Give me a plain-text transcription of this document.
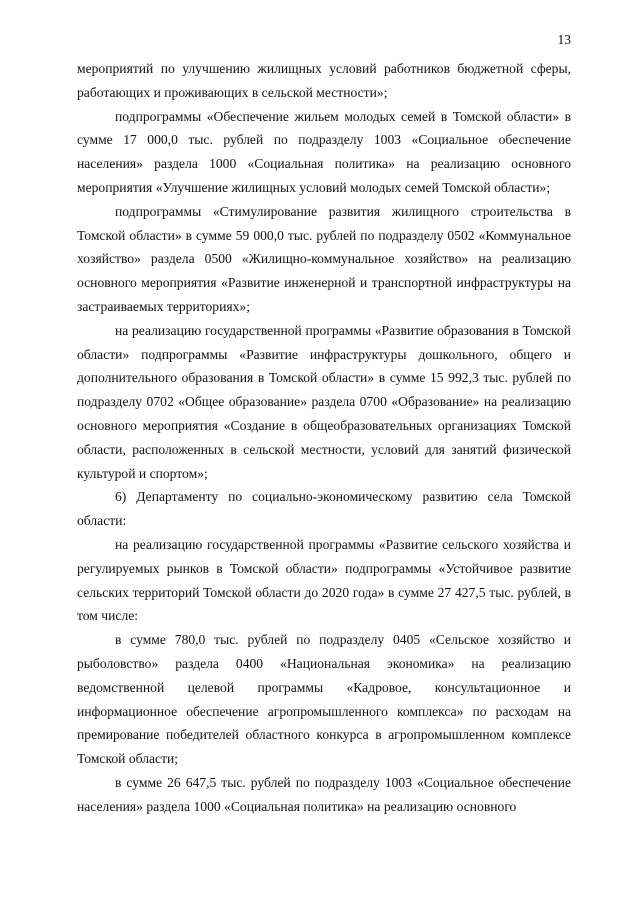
13

мероприятий по улучшению жилищных условий работников бюджетной сферы, работающих и проживающих в сельской местности»;

подпрограммы «Обеспечение жильем молодых семей в Томской области» в сумме 17 000,0 тыс. рублей по подразделу 1003 «Социальное обеспечение населения» раздела 1000 «Социальная политика» на реализацию основного мероприятия «Улучшение жилищных условий молодых семей Томской области»;

подпрограммы «Стимулирование развития жилищного строительства в Томской области» в сумме 59 000,0 тыс. рублей по подразделу 0502 «Коммунальное хозяйство» раздела 0500 «Жилищно-коммунальное хозяйство» на реализацию основного мероприятия «Развитие инженерной и транспортной инфраструктуры на застраиваемых территориях»;

на реализацию государственной программы «Развитие образования в Томской области» подпрограммы «Развитие инфраструктуры дошкольного, общего и дополнительного образования в Томской области» в сумме 15 992,3 тыс. рублей по подразделу 0702 «Общее образование» раздела 0700 «Образование» на реализацию основного мероприятия «Создание в общеобразовательных организациях Томской области, расположенных в сельской местности, условий для занятий физической культурой и спортом»;

6) Департаменту по социально-экономическому развитию села Томской области:

на реализацию государственной программы «Развитие сельского хозяйства и регулируемых рынков в Томской области» подпрограммы «Устойчивое развитие сельских территорий Томской области до 2020 года» в сумме 27 427,5 тыс. рублей, в том числе:

в сумме 780,0 тыс. рублей по подразделу 0405 «Сельское хозяйство и рыболовство» раздела 0400 «Национальная экономика» на реализацию ведомственной целевой программы «Кадровое, консультационное и информационное обеспечение агропромышленного комплекса» по расходам на премирование победителей областного конкурса в агропромышленном комплексе Томской области;

в сумме 26 647,5 тыс. рублей по подразделу 1003 «Социальное обеспечение населения» раздела 1000 «Социальная политика» на реализацию основного
